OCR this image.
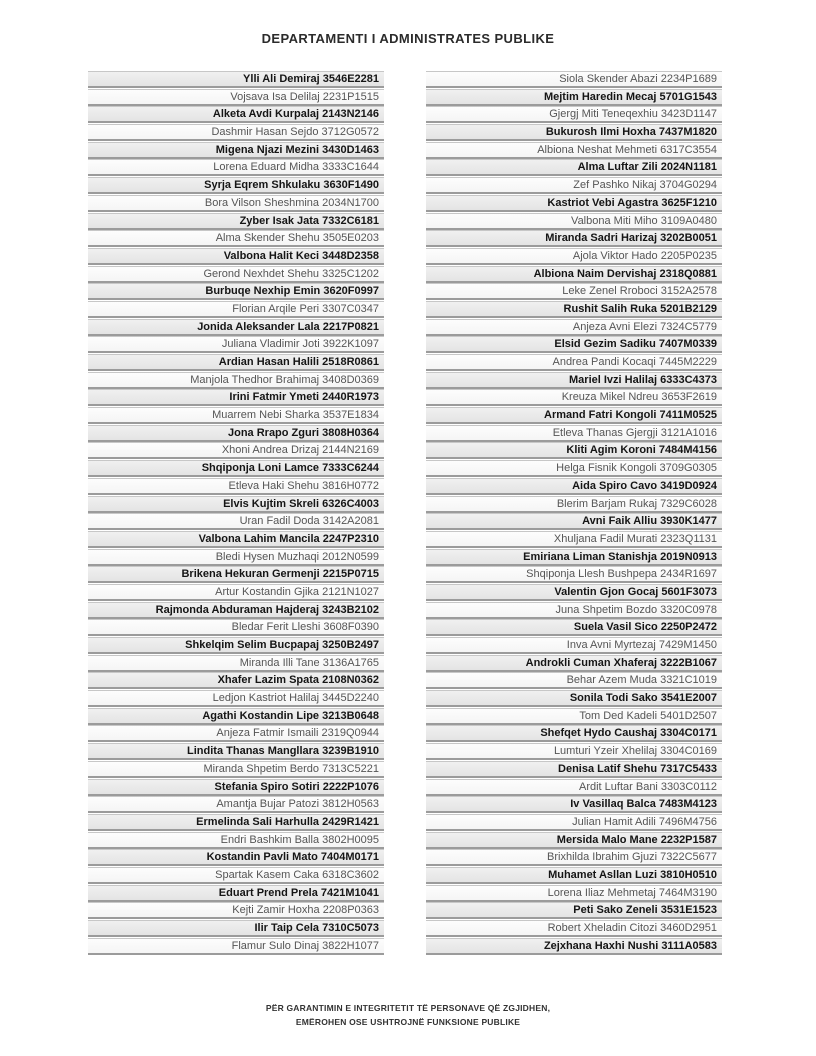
DEPARTAMENTI I ADMINISTRATES PUBLIKE
Ylli Ali Demiraj 3546E2281
Vojsava Isa Delilaj 2231P1515
Alketa Avdi Kurpalaj 2143N2146
Dashmir Hasan Sejdo 3712G0572
Migena Njazi Mezini 3430D1463
Lorena Eduard Midha 3333C1644
Syrja Eqrem Shkulaku 3630F1490
Bora Vilson Sheshmina 2034N1700
Zyber Isak Jata 7332C6181
Alma Skender Shehu 3505E0203
Valbona Halit Keci 3448D2358
Gerond Nexhdet Shehu 3325C1202
Burbuqe Nexhip Emin 3620F0997
Florian Arqile Peri 3307C0347
Jonida Aleksander Lala 2217P0821
Juliana Vladimir Joti 3922K1097
Ardian Hasan Halili 2518R0861
Manjola Thedhor Brahimaj 3408D0369
Irini Fatmir Ymeti 2440R1973
Muarrem Nebi Sharka 3537E1834
Jona Rrapo Zguri 3808H0364
Xhoni Andrea Drizaj 2144N2169
Shqiponja Loni Lamce 7333C6244
Etleva Haki Shehu 3816H0772
Elvis Kujtim Skreli 6326C4003
Uran Fadil Doda 3142A2081
Valbona Lahim Mancila 2247P2310
Bledi Hysen Muzhaqi 2012N0599
Brikena Hekuran Germenji 2215P0715
Artur Kostandin Gjika 2121N1027
Rajmonda Abduraman Hajderaj 3243B2102
Bledar Ferit Lleshi 3608F0390
Shkelqim Selim Bucpapaj 3250B2497
Miranda Illi Tane 3136A1765
Xhafer Lazim Spata 2108N0362
Ledjon Kastriot Halilaj 3445D2240
Agathi Kostandin Lipe 3213B0648
Anjeza Fatmir Ismaili 2319Q0944
Lindita Thanas Mangllara 3239B1910
Miranda Shpetim Berdo 7313C5221
Stefania Spiro Sotiri 2222P1076
Amantja Bujar Patozi 3812H0563
Ermelinda Sali Harhulla 2429R1421
Endri Bashkim Balla 3802H0095
Kostandin Pavli Mato 7404M0171
Spartak Kasem Caka 6318C3602
Eduart Prend Prela 7421M1041
Kejti Zamir Hoxha 2208P0363
Ilir Taip Cela 7310C5073
Flamur Sulo Dinaj 3822H1077
Siola Skender Abazi 2234P1689
Mejtim Haredin Mecaj 5701G1543
Gjergj Miti Teneqexhiu 3423D1147
Bukurosh Ilmi Hoxha 7437M1820
Albiona Neshat Mehmeti 6317C3554
Alma Luftar Zili 2024N1181
Zef Pashko Nikaj 3704G0294
Kastriot Vebi Agastra 3625F1210
Valbona Miti Miho 3109A0480
Miranda Sadri Harizaj 3202B0051
Ajola Viktor Hado 2205P0235
Albiona Naim Dervishaj 2318Q0881
Leke Zenel Rroboci 3152A2578
Rushit Salih Ruka 5201B2129
Anjeza Avni Elezi 7324C5779
Elsid Gezim Sadiku 7407M0339
Andrea Pandi Kocaqi 7445M2229
Mariel Ivzi Halilaj 6333C4373
Kreuza Mikel Ndreu 3653F2619
Armand Fatri Kongoli 7411M0525
Etleva Thanas Gjergji 3121A1016
Kliti Agim Koroni 7484M4156
Helga Fisnik Kongoli 3709G0305
Aida Spiro Cavo 3419D0924
Blerim Barjam Rukaj 7329C6028
Avni Faik Alliu 3930K1477
Xhuljana Fadil Murati 2323Q1131
Emiriana Liman Stanishja 2019N0913
Shqiponja Llesh Bushpepa 2434R1697
Valentin Gjon Gocaj 5601F3073
Juna Shpetim Bozdo 3320C0978
Suela Vasil Sico 2250P2472
Inva Avni Myrtezaj 7429M1450
Androkli Cuman Xhaferaj 3222B1067
Behar Azem Muda 3321C1019
Sonila Todi Sako 3541E2007
Tom Ded Kadeli 5401D2507
Shefqet Hydo Caushaj 3304C0171
Lumturi Yzeir Xhelilaj 3304C0169
Denisa Latif Shehu 7317C5433
Ardit Luftar Bani 3303C0112
Iv Vasillaq Balca 7483M4123
Julian Hamit Adili 7496M4756
Mersida Malo Mane 2232P1587
Brixhilda Ibrahim Gjuzi 7322C5677
Muhamet Asllan Luzi 3810H0510
Lorena Iliaz Mehmetaj 7464M3190
Peti Sako Zeneli 3531E1523
Robert Xheladin Citozi 3460D2951
Zejxhana Haxhi Nushi 3111A0583
PËR GARANTIMIN E INTEGRITETIT TË PERSONAVE QË ZGJIDHEN,
EMËROHEN OSE USHTROJNË FUNKSIONE PUBLIKE
